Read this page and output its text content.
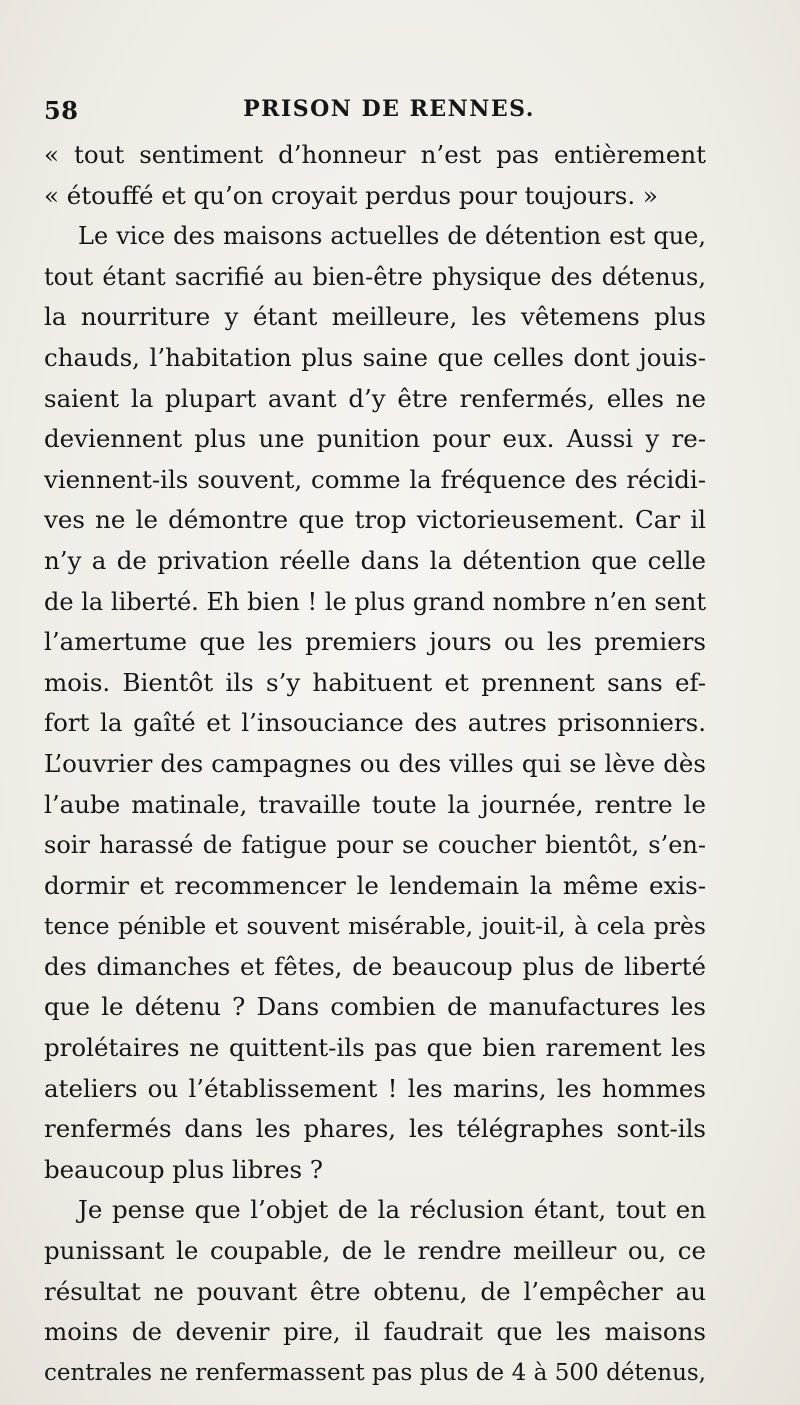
58	PRISON DE RENNES.
« tout sentiment d’honneur n’est pas entièrement
« étouffé et qu’on croyait perdus pour toujours. »
Le vice des maisons actuelles de détention est que,
tout étant sacrifié au bien-être physique des détenus,
la nourriture y étant meilleure, les vêtemens plus
chauds, l’habitation plus saine que celles dont jouis-
saient la plupart avant d’y être renfermés, elles ne
deviennent plus une punition pour eux. Aussi y re-
viennent-ils souvent, comme la fréquence des récidi-
ves ne le démontre que trop victorieusement. Car il
n’y a de privation réelle dans la détention que celle
de la liberté. Eh bien ! le plus grand nombre n’en sent
l’amertume que les premiers jours ou les premiers
mois. Bientôt ils s’y habituent et prennent sans ef-
fort la gaîté et l’insouciance des autres prisonniers.
L’ouvrier des campagnes ou des villes qui se lève dès
l’aube matinale, travaille toute la journée, rentre le
soir harassé de fatigue pour se coucher bientôt, s’en-
dormir et recommencer le lendemain la même exis-
tence pénible et souvent misérable, jouit-il, à cela près
des dimanches et fêtes, de beaucoup plus de liberté
que le détenu ? Dans combien de manufactures les
prolétaires ne quittent-ils pas que bien rarement les
ateliers ou l’établissement ! les marins, les hommes
renfermés dans les phares, les télégraphes sont-ils
beaucoup plus libres ?
Je pense que l’objet de la réclusion étant, tout en
punissant le coupable, de le rendre meilleur ou, ce
résultat ne pouvant être obtenu, de l’empêcher au
moins de devenir pire, il faudrait que les maisons
centrales ne renfermassent pas plus de 4 à 500 détenus,
